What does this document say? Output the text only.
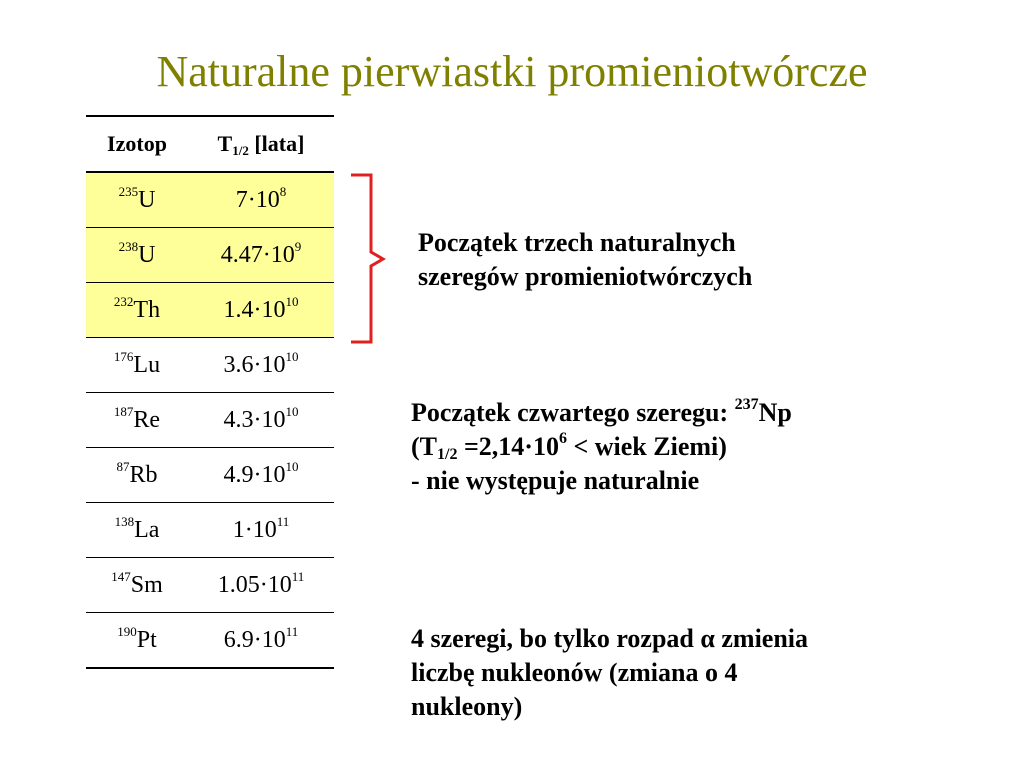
Naturalne pierwiastki promieniotwórcze
Izotop	$T_{1/2}$ [lata]
$^{235}$U	$7\cdot 10^8$
$^{238}$U	$4.47\cdot 10^9$
$^{232}$Th	$1.4\cdot 10^{10}$
$^{176}$Lu	$3.6\cdot 10^{10}$
$^{187}$Re	$4.3\cdot 10^{10}$
$^{87}$Rb	$4.9\cdot 10^{10}$
$^{138}$La	$1\cdot 10^{11}$
$^{147}$Sm	$1.05\cdot 10^{11}$
$^{190}$Pt	$6.9\cdot 10^{11}$
Początek trzech naturalnych
szeregów promieniotwórczych
Początek czwartego szeregu: $^{237}$Np
($T_{1/2} =2,14\cdot 10^6$ < wiek Ziemi)
- nie występuje naturalnie
4 szeregi, bo tylko rozpad α zmienia
liczbę nukleonów (zmiana o 4
nukleony)
